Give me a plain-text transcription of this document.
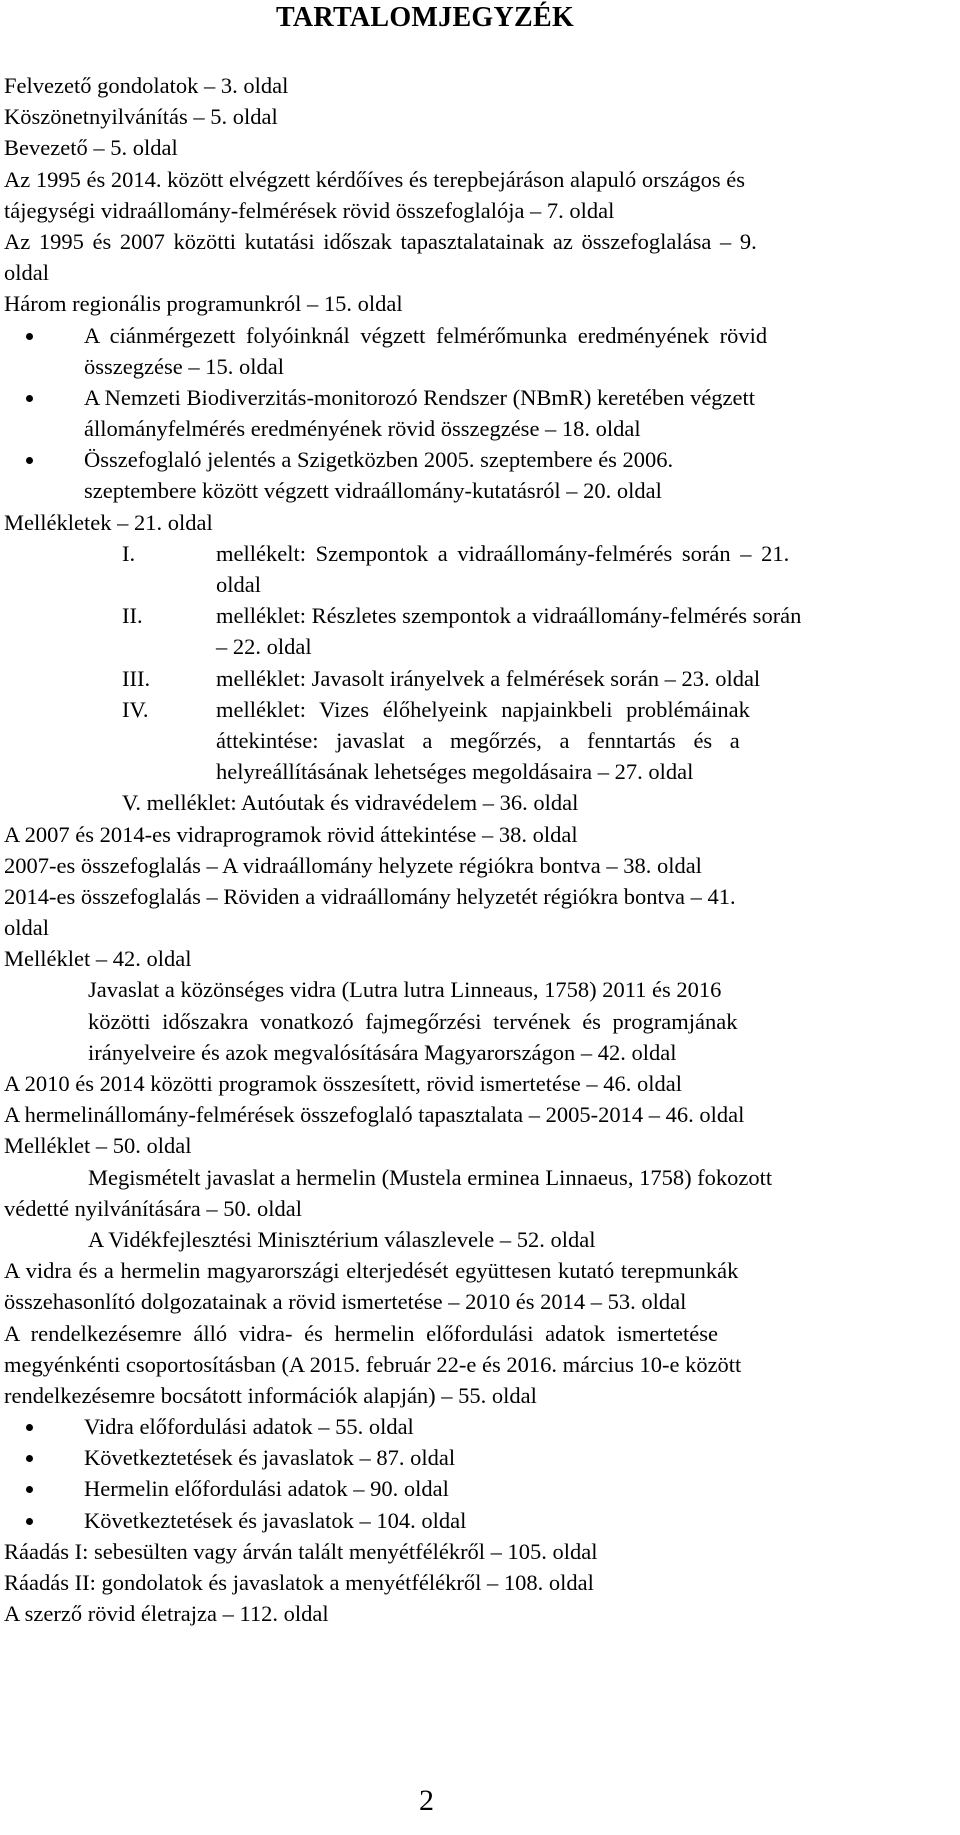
TARTALOMJEGYZÉK
Felvezető gondolatok – 3. oldal
Köszönetnyilvánítás – 5. oldal
Bevezető – 5. oldal
Az 1995 és 2014. között elvégzett kérdőíves és terepbejáráson alapuló országos és
tájegységi vidraállomány-felmérések rövid összefoglalója – 7. oldal
Az 1995 és 2007 közötti kutatási időszak tapasztalatainak az összefoglalása – 9.
oldal
Három regionális programunkról – 15. oldal
A ciánmérgezett folyóinknál végzett felmérőmunka eredményének rövid
összegzése – 15. oldal
A Nemzeti Biodiverzitás-monitorozó Rendszer (NBmR) keretében végzett
állományfelmérés eredményének rövid összegzése – 18. oldal
Összefoglaló jelentés a Szigetközben 2005. szeptembere és 2006.
szeptembere között végzett vidraállomány-kutatásról – 20. oldal
Mellékletek – 21. oldal
I.	mellékelt: Szempontok a vidraállomány-felmérés során – 21.
oldal
II.	melléklet: Részletes szempontok a vidraállomány-felmérés során
– 22. oldal
III.	melléklet: Javasolt irányelvek a felmérések során – 23. oldal
IV.	melléklet: Vizes élőhelyeink napjainkbeli problémáinak
áttekintése: javaslat a megőrzés, a fenntartás és a
helyreállításának lehetséges megoldásaira – 27. oldal
V. melléklet: Autóutak és vidravédelem – 36. oldal
A 2007 és 2014-es vidraprogramok rövid áttekintése – 38. oldal
2007-es összefoglalás – A vidraállomány helyzete régiókra bontva – 38. oldal
2014-es összefoglalás – Röviden a vidraállomány helyzetét régiókra bontva – 41.
oldal
Melléklet – 42. oldal
Javaslat a közönséges vidra (Lutra lutra Linneaus, 1758) 2011 és 2016
közötti időszakra vonatkozó fajmegőrzési tervének és programjának
irányelveire és azok megvalósítására Magyarországon – 42. oldal
A 2010 és 2014 közötti programok összesített, rövid ismertetése – 46. oldal
A hermelinállomány-felmérések összefoglaló tapasztalata – 2005-2014 – 46. oldal
Melléklet – 50. oldal
Megismételt javaslat a hermelin (Mustela erminea Linnaeus, 1758) fokozott
védetté nyilvánítására – 50. oldal
A Vidékfejlesztési Minisztérium válaszlevele – 52. oldal
A vidra és a hermelin magyarországi elterjedését együttesen kutató terepmunkák
összehasonlító dolgozatainak a rövid ismertetése – 2010 és 2014 – 53. oldal
A rendelkezésemre álló vidra- és hermelin előfordulási adatok ismertetése
megyénkénti csoportosításban (A 2015. február 22-e és 2016. március 10-e között
rendelkezésemre bocsátott információk alapján) – 55. oldal
Vidra előfordulási adatok – 55. oldal
Következtetések és javaslatok – 87. oldal
Hermelin előfordulási adatok – 90. oldal
Következtetések és javaslatok – 104. oldal
Ráadás I: sebesülten vagy árván talált menyétfélékről – 105. oldal
Ráadás II: gondolatok és javaslatok a menyétfélékről – 108. oldal
A szerző rövid életrajza – 112. oldal
2
